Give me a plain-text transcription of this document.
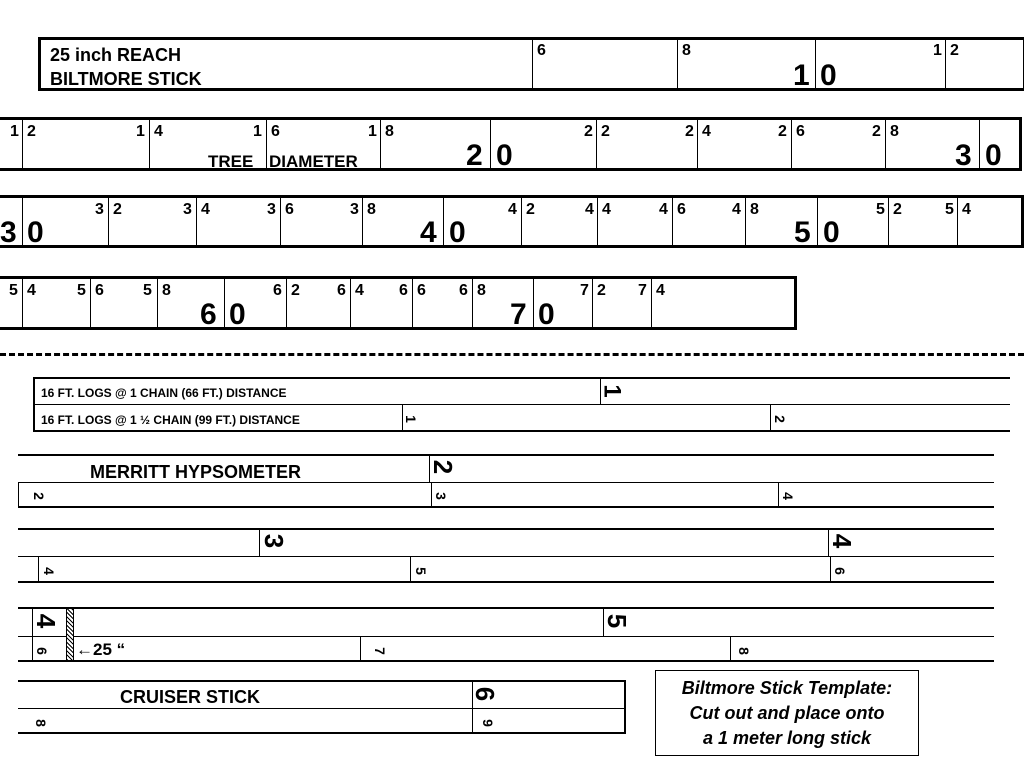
25 inch REACH
BILTMORE STICK
6	8
1 0
1 2
1 2	1 4	1 6
TREE DIAMETER
1 8
2 0
2 2	2 4	2 6	2 8
3 0
3 0
3 2	3 4	3 6	3 8
4 0
4 2	4 4	4 6	4 8
5 0
5 2	5 4
5 4	5 6 5 8
6 0
6 2 6 4 6 6 6 8
7 0
7 2 7 4
16 FT. LOGS @ 1 CHAIN (66 FT.) DISTANCE	1
16 FT. LOGS @ 1 ½ CHAIN (99 FT.) DISTANCE	1	2
MERRITT HYPSOMETER	2
2	3	4
3	4
4	5	6
4	5
6 ←25 “	7	8
CRUISER STICK	6
8	9
Biltmore Stick Template:
Cut out and place onto
a 1 meter long stick
